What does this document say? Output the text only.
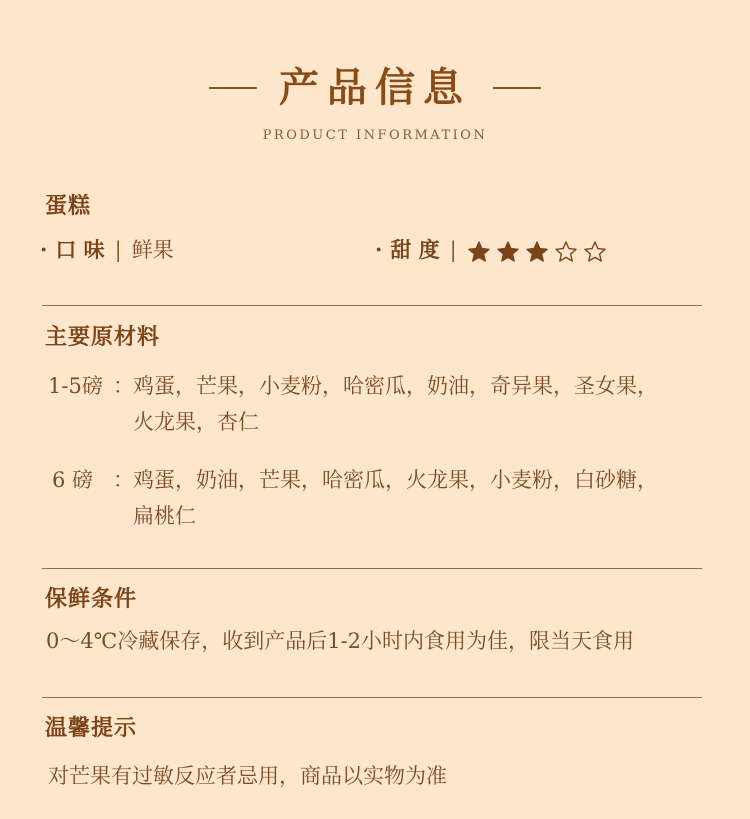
产品信息
PRODUCT INFORMATION
蛋糕
· 口 味 | 鲜果	· 甜 度 |
主要原材料
1-5磅 ： 鸡蛋，芒果，小麦粉，哈密瓜，奶油，奇异果，圣女果，
火龙果，杏仁
6 磅 ： 鸡蛋，奶油，芒果，哈密瓜，火龙果，小麦粉，白砂糖，
扁桃仁
保鲜条件
0～4℃冷藏保存，收到产品后1-2小时内食用为佳，限当天食用
温馨提示
对芒果有过敏反应者忌用，商品以实物为准
